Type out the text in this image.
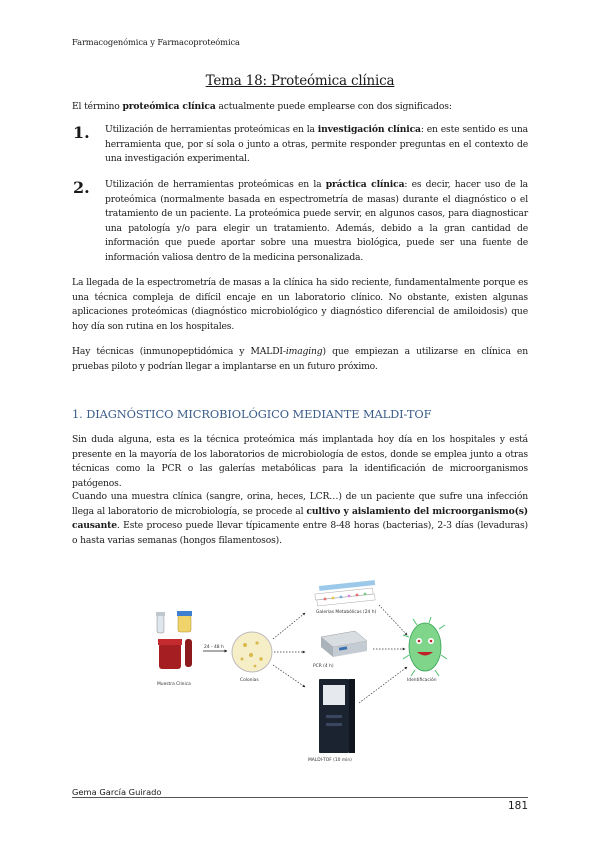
Farmacogenómica y Farmacoproteómica
Tema 18: Proteómica clínica

El término proteómica clínica actualmente puede emplearse con dos significados:

1. Utilización de herramientas proteómicas en la investigación clínica: en este sentido es una herramienta que, por sí sola o junto a otras, permite responder preguntas en el contexto de una investigación experimental.

2. Utilización de herramientas proteómicas en la práctica clínica: es decir, hacer uso de la proteómica (normalmente basada en espectrometría de masas) durante el diagnóstico o el tratamiento de un paciente. La proteómica puede servir, en algunos casos, para diagnosticar una patología y/o para elegir un tratamiento. Además, debido a la gran cantidad de información que puede aportar sobre una muestra biológica, puede ser una fuente de información valiosa dentro de la medicina personalizada.

La llegada de la espectrometría de masas a la clínica ha sido reciente, fundamentalmente porque es una técnica compleja de difícil encaje en un laboratorio clínico. No obstante, existen algunas aplicaciones proteómicas (diagnóstico microbiológico y diagnóstico diferencial de amiloidosis) que hoy día son rutina en los hospitales.

Hay técnicas (inmunopeptidómica y MALDI-imaging) que empiezan a utilizarse en clínica en pruebas piloto y podrían llegar a implantarse en un futuro próximo.

1. DIAGNÓSTICO MICROBIOLÓGICO MEDIANTE MALDI-TOF

Sin duda alguna, esta es la técnica proteómica más implantada hoy día en los hospitales y está presente en la mayoría de los laboratorios de microbiología de estos, donde se emplea junto a otras técnicas como la PCR o las galerías metabólicas para la identificación de microorganismos patógenos.

Cuando una muestra clínica (sangre, orina, heces, LCR…) de un paciente que sufre una infección llega al laboratorio de microbiología, se procede al cultivo y aislamiento del microorganismo(s) causante. Este proceso puede llevar típicamente entre 8-48 horas (bacterias), 2-3 días (levaduras) o hasta varias semanas (hongos filamentosos).

Muestra Clínica
24 - 48 h
Colonias
Galerías Metabólicas (24 h)
PCR (4 h)
MALDI-TOF (10 min)
Identificación
Gema García Guirado
181
